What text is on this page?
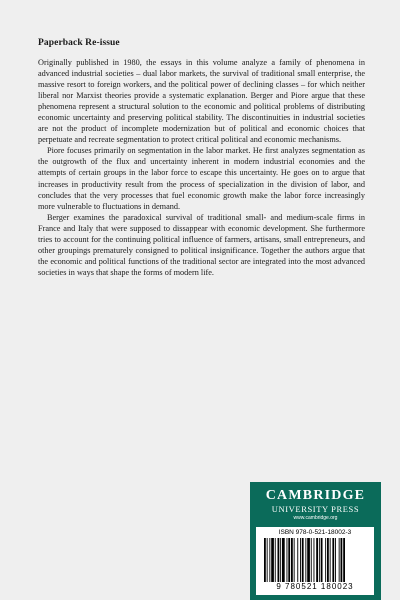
Paperback Re-issue

Originally published in 1980, the essays in this volume analyze a family of phenomena in advanced industrial societies – dual labor markets, the survival of traditional small enterprise, the massive resort to foreign workers, and the political power of declining classes – for which neither liberal nor Marxist theories provide a systematic explanation. Berger and Piore argue that these phenomena represent a structural solution to the economic and political problems of distributing economic uncertainty and preserving political stability. The discontinuities in industrial societies are not the product of incomplete modernization but of political and economic choices that perpetuate and recreate segmentation to protect critical political and economic mechanisms.

Piore focuses primarily on segmentation in the labor market. He first analyzes segmentation as the outgrowth of the flux and uncertainty inherent in modern industrial economies and the attempts of certain groups in the labor force to escape this uncertainty. He goes on to argue that increases in productivity result from the process of specialization in the division of labor, and concludes that the very processes that fuel economic growth make the labor force increasingly more vulnerable to fluctuations in demand.

Berger examines the paradoxical survival of traditional small- and medium-scale firms in France and Italy that were supposed to dissappear with economic development. She furthermore tries to account for the continuing political influence of farmers, artisans, small entrepreneurs, and other groupings prematurely consigned to political insignificance. Together the authors argue that the economic and political functions of the traditional sector are integrated into the most advanced societies in ways that shape the forms of modern life.

CAMBRIDGE
UNIVERSITY PRESS
www.cambridge.org
ISBN 978-0-521-18002-3
9 780521 180023
